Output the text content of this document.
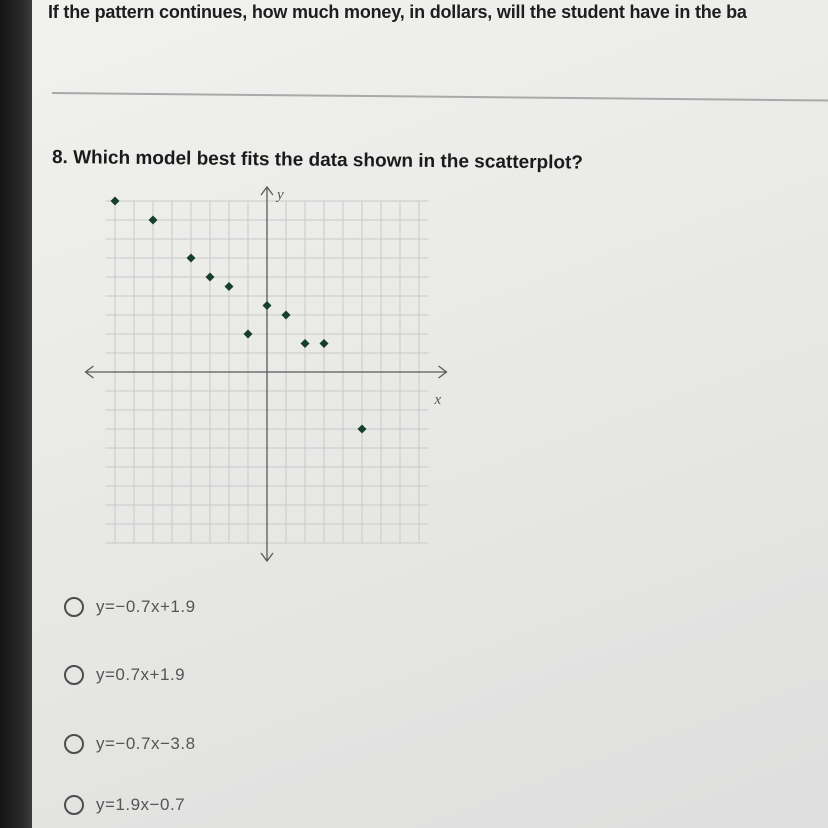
If the pattern continues, how much money, in dollars, will the student have in the ba
8. Which model best fits the data shown in the scatterplot?
x
y
y=−0.7x+1.9
y=0.7x+1.9
y=−0.7x−3.8
y=1.9x−0.7
